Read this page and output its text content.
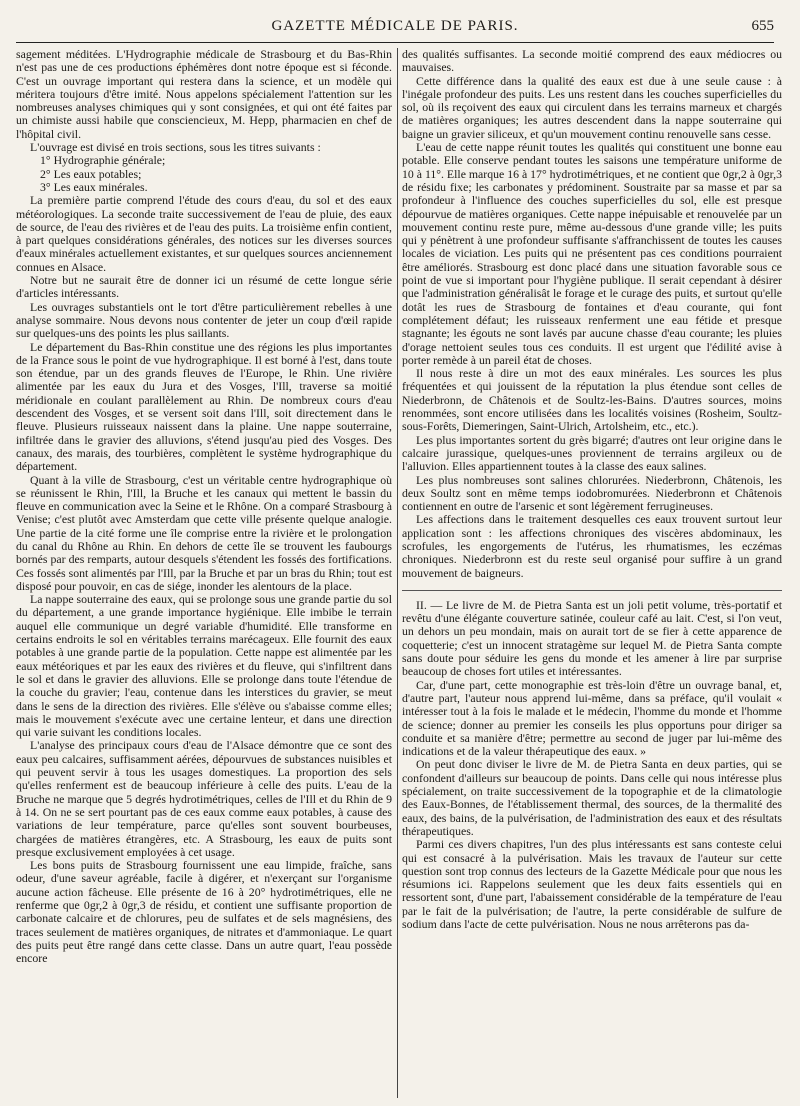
GAZETTE MÉDICALE DE PARIS.	655

sagement méditées. L'Hydrographie médicale de Strasbourg et du Bas-Rhin n'est pas une de ces productions éphémères dont notre époque est si féconde. C'est un ouvrage important qui restera dans la science, et un modèle qui méritera toujours d'être imité. Nous appelons spécialement l'attention sur les nombreuses analyses chimiques qui y sont consignées, et qui ont été faites par un chimiste aussi habile que consciencieux, M. Hepp, pharmacien en chef de l'hôpital civil.

L'ouvrage est divisé en trois sections, sous les titres suivants :

1° Hydrographie générale;

2° Les eaux potables;

3° Les eaux minérales.

La première partie comprend l'étude des cours d'eau, du sol et des eaux météorologiques. La seconde traite successivement de l'eau de pluie, des eaux de source, de l'eau des rivières et de l'eau des puits. La troisième enfin contient, à part quelques considérations générales, des notices sur les diverses sources d'eaux minérales actuellement existantes, et sur quelques sources anciennement connues en Alsace.

Notre but ne saurait être de donner ici un résumé de cette longue série d'articles intéressants.

Les ouvrages substantiels ont le tort d'être particulièrement rebelles à une analyse sommaire. Nous devons nous contenter de jeter un coup d'œil rapide sur quelques-uns des points les plus saillants.

Le département du Bas-Rhin constitue une des régions les plus importantes de la France sous le point de vue hydrographique. Il est borné à l'est, dans toute son étendue, par un des grands fleuves de l'Europe, le Rhin. Une rivière alimentée par les eaux du Jura et des Vosges, l'Ill, traverse sa moitié méridionale en coulant parallèlement au Rhin. De nombreux cours d'eau descendent des Vosges, et se versent soit dans l'Ill, soit directement dans le fleuve. Plusieurs ruisseaux naissent dans la plaine. Une nappe souterraine, infiltrée dans le gravier des alluvions, s'étend jusqu'au pied des Vosges. Des canaux, des marais, des tourbières, complètent le système hydrographique du département.

Quant à la ville de Strasbourg, c'est un véritable centre hydrographique où se réunissent le Rhin, l'Ill, la Bruche et les canaux qui mettent le bassin du fleuve en communication avec la Seine et le Rhône. On a comparé Strasbourg à Venise; c'est plutôt avec Amsterdam que cette ville présente quelque analogie. Une partie de la cité forme une île comprise entre la rivière et le prolongation du canal du Rhône au Rhin. En dehors de cette île se trouvent les faubourgs bornés par des remparts, autour desquels s'étendent les fossés des fortifications. Ces fossés sont alimentés par l'Ill, par la Bruche et par un bras du Rhin; tout est disposé pour pouvoir, en cas de siége, inonder les alentours de la place.

La nappe souterraine des eaux, qui se prolonge sous une grande partie du sol du département, a une grande importance hygiénique. Elle imbibe le terrain auquel elle communique un degré variable d'humidité. Elle transforme en certains endroits le sol en véritables terrains marécageux. Elle fournit des eaux potables à une grande partie de la population. Cette nappe est alimentée par les eaux météoriques et par les eaux des rivières et du fleuve, qui s'infiltrent dans le sol et dans le gravier des alluvions. Elle se prolonge dans toute l'étendue de la couche du gravier; l'eau, contenue dans les interstices du gravier, se meut dans le sens de la direction des rivières. Elle s'élève ou s'abaisse comme elles; mais le mouvement s'exécute avec une certaine lenteur, et dans une direction qui varie suivant les conditions locales.

L'analyse des principaux cours d'eau de l'Alsace démontre que ce sont des eaux peu calcaires, suffisamment aérées, dépourvues de substances nuisibles et qui peuvent servir à tous les usages domestiques. La proportion des sels qu'elles renferment est de beaucoup inférieure à celle des puits. L'eau de la Bruche ne marque que 5 degrés hydrotimétriques, celles de l'Ill et du Rhin de 9 à 14. On ne se sert pourtant pas de ces eaux comme eaux potables, à cause des variations de leur température, parce qu'elles sont souvent bourbeuses, chargées de matières étrangères, etc. A Strasbourg, les eaux de puits sont presque exclusivement employées à cet usage.

Les bons puits de Strasbourg fournissent une eau limpide, fraîche, sans odeur, d'une saveur agréable, facile à digérer, et n'exerçant sur l'organisme aucune action fâcheuse. Elle présente de 16 à 20° hydrotimétriques, elle ne renferme que 0gr,2 à 0gr,3 de résidu, et contient une suffisante proportion de carbonate calcaire et de chlorures, peu de sulfates et de sels magnésiens, des traces seulement de matières organiques, de nitrates et d'ammoniaque. Le quart des puits peut être rangé dans cette classe. Dans un autre quart, l'eau possède encore

des qualités suffisantes. La seconde moitié comprend des eaux médiocres ou mauvaises.

Cette différence dans la qualité des eaux est due à une seule cause : à l'inégale profondeur des puits. Les uns restent dans les couches superficielles du sol, où ils reçoivent des eaux qui circulent dans les terrains marneux et chargés de matières organiques; les autres descendent dans la nappe souterraine qui baigne un gravier siliceux, et qu'un mouvement continu renouvelle sans cesse.

L'eau de cette nappe réunit toutes les qualités qui constituent une bonne eau potable. Elle conserve pendant toutes les saisons une température uniforme de 10 à 11°. Elle marque 16 à 17° hydrotimétriques, et ne contient que 0gr,2 à 0gr,3 de résidu fixe; les carbonates y prédominent. Soustraite par sa masse et par sa profondeur à l'influence des couches superficielles du sol, elle est presque dépourvue de matières organiques. Cette nappe inépuisable et renouvelée par un mouvement continu reste pure, même au-dessous d'une grande ville; les puits qui y pénètrent à une profondeur suffisante s'affranchissent de toutes les causes locales de viciation. Les puits qui ne présentent pas ces conditions pourraient être améliorés. Strasbourg est donc placé dans une situation favorable sous ce point de vue si important pour l'hygiène publique. Il serait cependant à désirer que l'administration généralisât le forage et le curage des puits, et surtout qu'elle dotât les rues de Strasbourg de fontaines et d'eau courante, qui font complétement défaut; les ruisseaux renferment une eau fétide et presque stagnante; les égouts ne sont lavés par aucune chasse d'eau courante; les pluies d'orage nettoient seules tous ces conduits. Il est urgent que l'édilité avise à porter remède à un pareil état de choses.

Il nous reste à dire un mot des eaux minérales. Les sources les plus fréquentées et qui jouissent de la réputation la plus étendue sont celles de Niederbronn, de Châtenois et de Soultz-les-Bains. D'autres sources, moins renommées, sont encore utilisées dans les localités voisines (Rosheim, Soultz-sous-Forêts, Diemeringen, Saint-Ulrich, Artolsheim, etc., etc.).

Les plus importantes sortent du grès bigarré; d'autres ont leur origine dans le calcaire jurassique, quelques-unes proviennent de terrains argileux ou de l'alluvion. Elles appartiennent toutes à la classe des eaux salines.

Les plus nombreuses sont salines chlorurées. Niederbronn, Châtenois, les deux Soultz sont en même temps iodobromurées. Niederbronn et Châtenois contiennent en outre de l'arsenic et sont légèrement ferrugineuses.

Les affections dans le traitement desquelles ces eaux trouvent surtout leur application sont : les affections chroniques des viscères abdominaux, les scrofules, les engorgements de l'utérus, les rhumatismes, les eczémas chroniques. Niederbronn est du reste seul organisé pour suffire à un grand mouvement de baigneurs.

II. — Le livre de M. de Pietra Santa est un joli petit volume, très-portatif et revêtu d'une élégante couverture satinée, couleur café au lait. C'est, si l'on veut, un dehors un peu mondain, mais on aurait tort de se fier à cette apparence de coquetterie; c'est un innocent stratagème sur lequel M. de Pietra Santa compte sans doute pour séduire les gens du monde et les amener à lire par surprise beaucoup de choses fort utiles et intéressantes.

Car, d'une part, cette monographie est très-loin d'être un ouvrage banal, et, d'autre part, l'auteur nous apprend lui-même, dans sa préface, qu'il voulait « intéresser tout à la fois le malade et le médecin, l'homme du monde et l'homme de science; donner au premier les conseils les plus opportuns pour diriger sa conduite et sa manière d'être; permettre au second de juger par lui-même des indications et de la valeur thérapeutique des eaux. »

On peut donc diviser le livre de M. de Pietra Santa en deux parties, qui se confondent d'ailleurs sur beaucoup de points. Dans celle qui nous intéresse plus spécialement, on traite successivement de la topographie et de la climatologie des Eaux-Bonnes, de l'établissement thermal, des sources, de la thermalité des eaux, des bains, de la pulvérisation, de l'administration des eaux et des résultats thérapeutiques.

Parmi ces divers chapitres, l'un des plus intéressants est sans conteste celui qui est consacré à la pulvérisation. Mais les travaux de l'auteur sur cette question sont trop connus des lecteurs de la Gazette Médicale pour que nous les résumions ici. Rappelons seulement que les deux faits essentiels qui en ressortent sont, d'une part, l'abaissement considérable de la température de l'eau par le fait de la pulvérisation; de l'autre, la perte considérable de sulfure de sodium dans l'acte de cette pulvérisation. Nous ne nous arrêterons pas da-
